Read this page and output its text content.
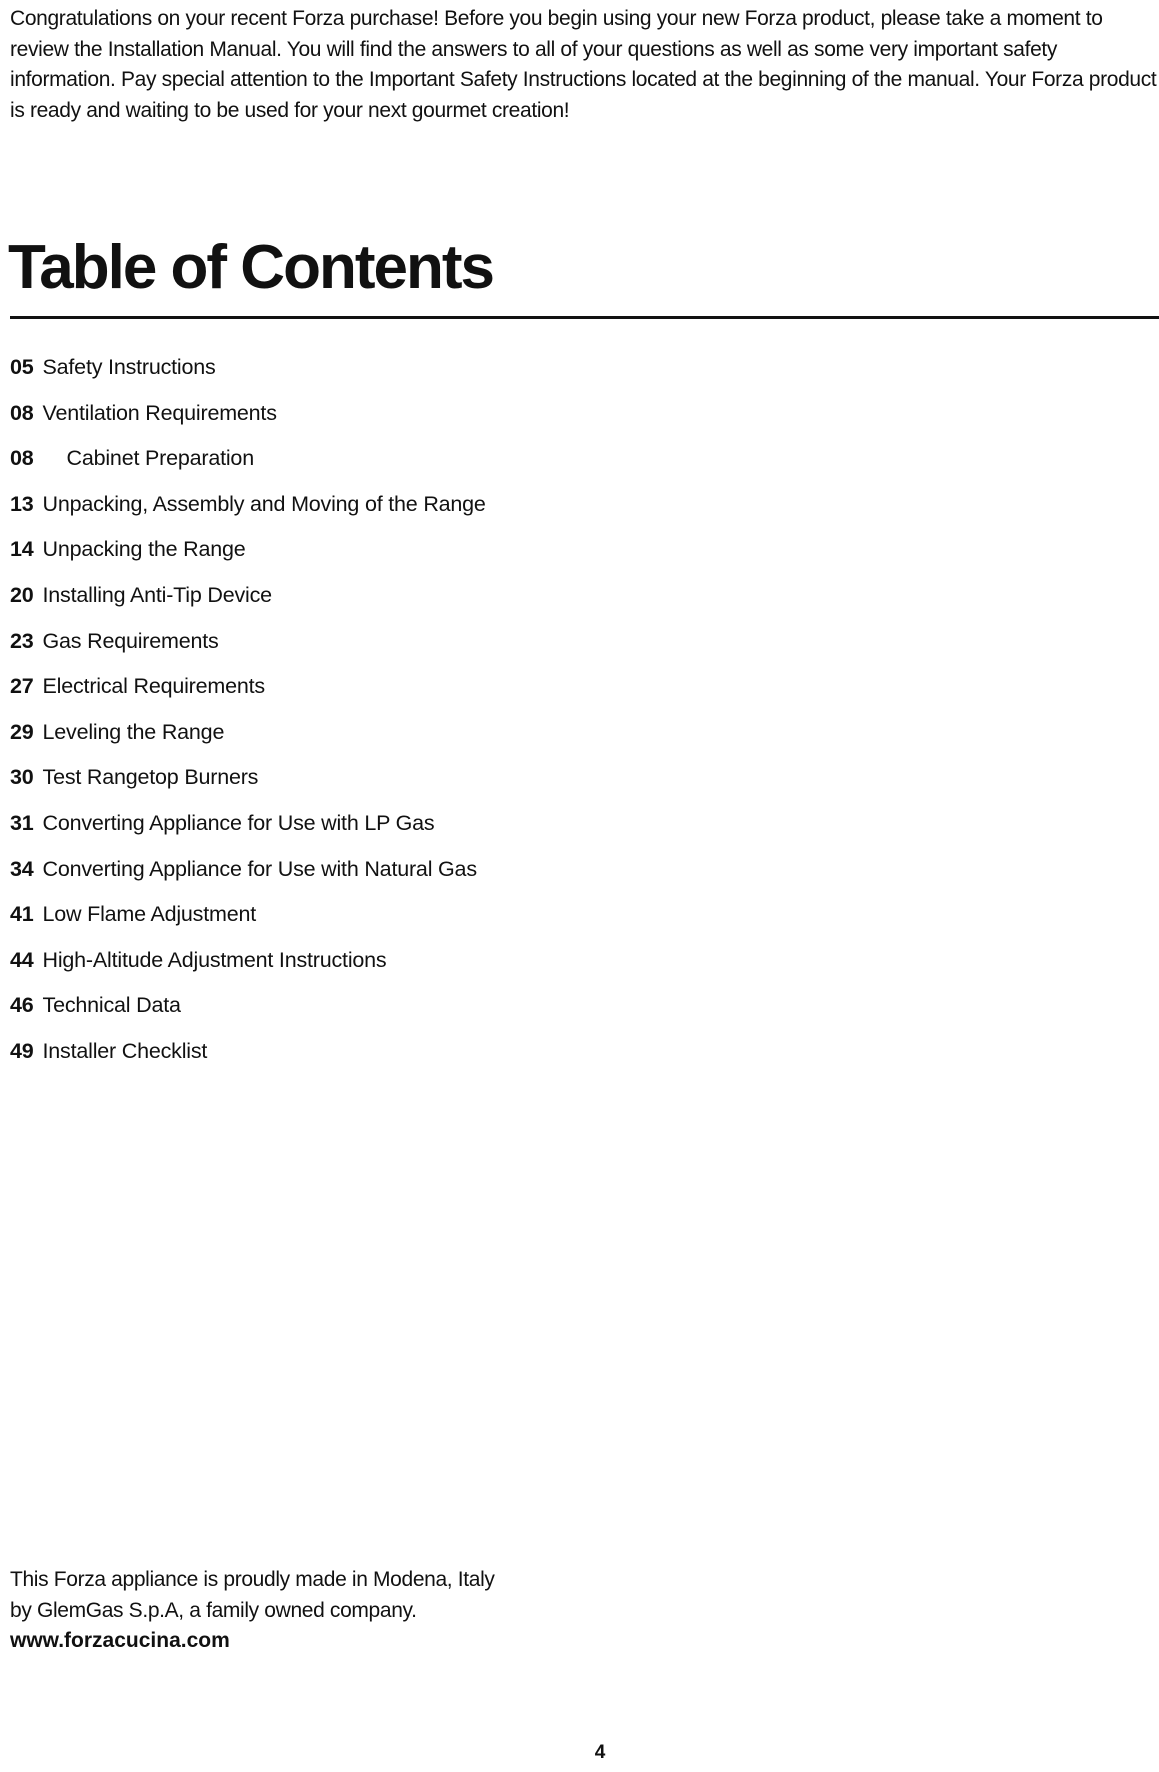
Congratulations on your recent Forza purchase! Before you begin using your new Forza product, please take a moment to review the Installation Manual. You will find the answers to all of your questions as well as some very important safety information. Pay special attention to the Important Safety Instructions located at the beginning of the manual. Your Forza product is ready and waiting to be used for your next gourmet creation!

Table of Contents
05 Safety Instructions
08 Ventilation Requirements
08 Cabinet Preparation
13 Unpacking, Assembly and Moving of the Range
14 Unpacking the Range
20 Installing Anti-Tip Device
23 Gas Requirements
27 Electrical Requirements
29 Leveling the Range
30 Test Rangetop Burners
31 Converting Appliance for Use with LP Gas
34 Converting Appliance for Use with Natural Gas
41 Low Flame Adjustment
44 High-Altitude Adjustment Instructions
46 Technical Data
49 Installer Checklist
This Forza appliance is proudly made in Modena, Italy
by GlemGas S.p.A, a family owned company.
www.forzacucina.com
4
